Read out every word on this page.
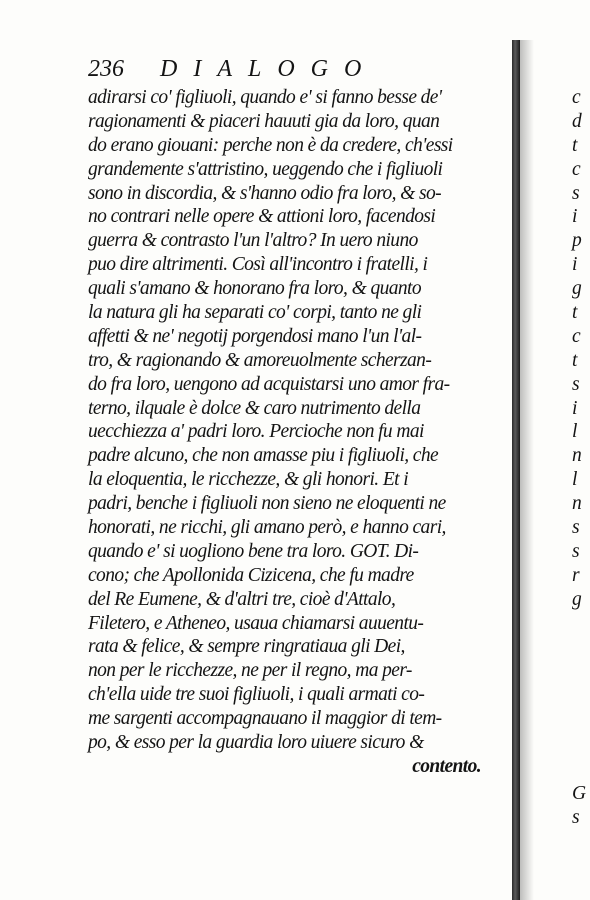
236 DIALOGO
adirarsi co' figliuoli, quando e' si fanno besse de'
ragionamenti & piaceri hauuti gia da loro, quan
do erano giouani: perche non è da credere, ch'essi
grandemente s'attristino, ueggendo che i figliuoli
sono in discordia, & s'hanno odio fra loro, & so-
no contrari nelle opere & attioni loro, facendosi
guerra & contrasto l'un l'altro? In uero niuno
puo dire altrimenti. Così all'incontro i fratelli, i
quali s'amano & honorano fra loro, & quanto
la natura gli ha separati co' corpi, tanto ne gli
affetti & ne' negotij porgendosi mano l'un l'al-
tro, & ragionando & amoreuolmente scherzan-
do fra loro, uengono ad acquistarsi uno amor fra-
terno, ilquale è dolce & caro nutrimento della
uecchiezza a' padri loro. Percioche non fu mai
padre alcuno, che non amasse piu i figliuoli, che
la eloquentia, le ricchezze, & gli honori. Et i
padri, benche i figliuoli non sieno ne eloquenti ne
honorati, ne ricchi, gli amano però, e hanno cari,
quando e' si uogliono bene tra loro. GOT. Di-
cono; che Apollonida Cizicena, che fu madre
del Re Eumene, & d'altri tre, cioè d'Attalo,
Filetero, e Atheneo, usaua chiamarsi auuentu-
rata & felice, & sempre ringratiaua gli Dei,
non per le ricchezze, ne per il regno, ma per-
ch'ella uide tre suoi figliuoli, i quali armati co-
me sargenti accompagnauano il maggior di tem-
po, & esso per la guardia loro uiuere sicuro &
contento.
c
d
t
c
s
i
p
i
g
t
c
t
s
i
l
n
l
n
s
s
r
g
G
s
